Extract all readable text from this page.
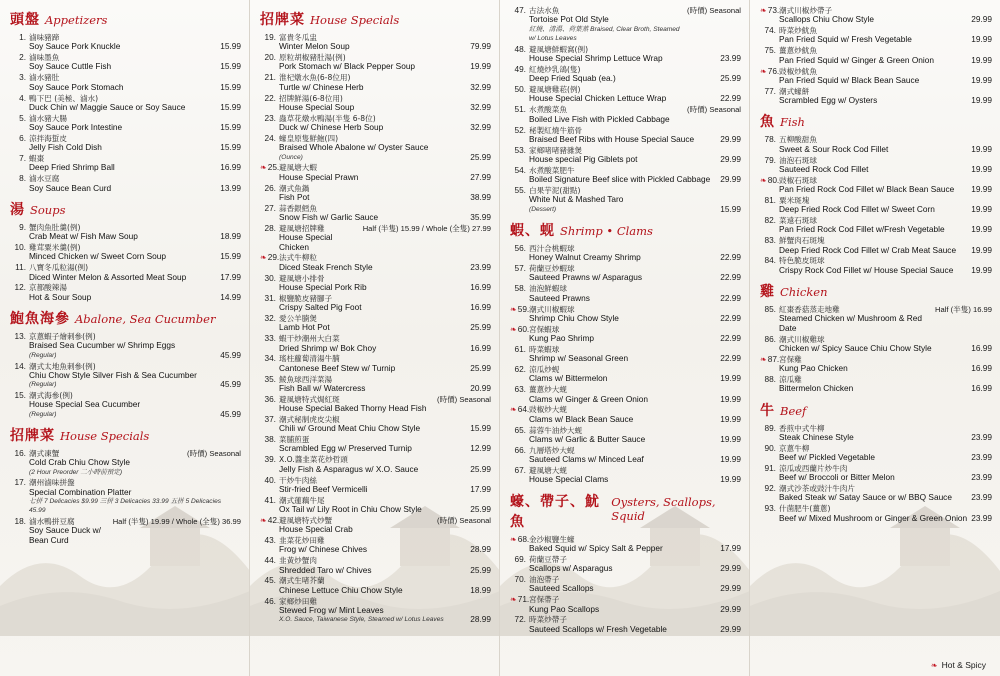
頭盤 Appetizers
1. 滷味豬蹄
Soy Sauce Pork Knuckle	15.99
2. 滷味墨魚
Soy Sauce Cuttle Fish	15.99
3. 滷水豬肚
Soy Sauce Pork Stomach	15.99
4. 鴨下巴 (美極、滷水)
Duck Chin w/ Maggie Sauce or Soy Sauce	15.99
5. 滷水豬大腸
Soy Sauce Pork Intestine	15.99
6. 涼拌海蜇皮
Jelly Fish Cold Dish	15.99
7. 蝦棗
Deep Fried Shrimp Ball	16.99
8. 滷水豆腐
Soy Sauce Bean Curd	13.99
湯 Soups
9. 蟹肉魚肚羹(例)
Crab Meat w/ Fish Maw Soup	18.99
10. 雞茸粟米羹(例)
Minced Chicken w/ Sweet Corn Soup	15.99
11. 八寶冬瓜粒湯(例)
Diced Winter Melon & Assorted Meat Soup	17.99
12. 京都酸辣湯
Hot & Sour Soup	14.99
鮑魚海參 Abalone, Sea Cucumber
13. 京蔥蝦子燴刺參(例)
Braised Sea Cucumber w/ Shrimp Eggs
(Regular)	45.99
14. 潮式太地魚刺參(例)
Chiu Chow Style Silver Fish & Sea Cucumber
(Regular)	45.99
15. 潮式海參(例)
House Special Sea Cucumber
(Regular)	45.99
招牌菜 House Specials
16. 潮式凍蟹
Cold Crab Chiu Chow Style
(2 Hour Preorder 二小時前預定)
(時價) Seasonal
17. 潮州滷味拼盤
Special Combination Platter
七拼 7 Delicacies $9.99 三拼 3 Delicacies 33.99 五拼 5 Delicacies 45.99
18. 滷水鴨拼豆腐
Soy Sauce Duck w/ Bean Curd
Half (半隻) 19.99 / Whole (全隻) 36.99
招牌菜 House Specials
19. 富貴冬瓜盅
Winter Melon Soup	79.99
20. 原粒胡椒豬肚湯(例)
Pork Stomach w/ Black Pepper Soup	19.99
21. 淮杞燉水魚(6-8位用)
Turtle w/ Chinese Herb	32.99
22. 招牌鮮湯(6-8位用)
House Special Soup	32.99
23. 蟲草花燉水鴨湯(半隻 6-8位)
Duck w/ Chinese Herb Soup	32.99
24. 蠔皇原隻鮮鮑(四)
Braised Whole Abalone w/ Oyster Sauce
(Ounce)	25.99
❧25. 避風塘大蝦
House Special Prawn	27.99
26. 潮式魚鍋
Fish Pot	38.99
27. 蒜香銀鱈魚
Snow Fish w/ Garlic Sauce	35.99
28. 避風塘招牌雞
House Special Chicken
Half (半隻) 15.99 / Whole (全隻) 27.99
❧29. 法式牛柳粒
Diced Steak French Style	23.99
30. 避風塘小排骨
House Special Pork Rib	16.99
31. 椒鹽脆皮豬腳子
Crispy Salted Pig Foot	16.99
32. 愛公羊腩煲
Lamb Hot Pot	25.99
33. 蝦干炒潮州大白菜
Dried Shrimp w/ Bok Choy	16.99
34. 瑤柱蘿蔔清湯牛腩
Cantonese Beef Stew w/ Turnip	25.99
35. 鯪魚球西洋菜湯
Fish Ball w/ Watercress	20.99
36. 避風塘特式焗紅斑
House Special Baked Thorny Head Fish
(時價) Seasonal
37. 潮式秘制虎皮尖椒
Chili w/ Ground Meat Chiu Chow Style	15.99
38. 菜脯煎蛋
Scrambled Egg w/ Preserved Turnip	12.99
39. X.O.醬韭菜花炒哲頭
Jelly Fish & Asparagus w/ X.O. Sauce	25.99
40. 干炒牛肉絲
Stir-fried Beef Vermicelli	17.99
41. 潮式蓮藕牛尾
Ox Tail w/ Lily Root in Chiu Chow Style	25.99
❧42. 避風塘特式炒蟹
House Special Crab
(時價) Seasonal
43. 韭菜花炒田雞
Frog w/ Chinese Chives	28.99
44. 韭黃炒蟹肉
Shredded Taro w/ Chives	25.99
45. 潮式生啫芥蘭
Chinese Lettuce Chiu Chow Style	18.99
46. 家鄉炒田雞
Stewed Frog w/ Mint Leaves
X.O. Sauce, Taiwanese Style, Steamed w/ Lotus Leaves	28.99
47. 古法水魚
Tortoise Pot Old Style
紅燒、清湯、荷葉蒸 Braised, Clear Broth, Steamed w/ Lotus Leaves
(時價) Seasonal
48. 避風塘鮮蝦窩(例)
House Special Shrimp Lettuce Wrap	23.99
49. 紅燒炒乳鴿(隻)
Deep Fried Squab (ea.)	25.99
50. 避風塘雞菘(例)
House Special Chicken Lettuce Wrap	22.99
51. 水煮酸菜魚
Boiled Live Fish with Pickled Cabbage
(時價) Seasonal
52. 秘製紅燒牛筋骨
Braised Beef Ribs with House Special Sauce	29.99
53. 家鄉啫啫豬雜煲
House special Pig Giblets pot	29.99
54. 水煮酸菜肥牛
Boiled Signature Beef slice with Pickled Cabbage	29.99
55. 白果芋泥(甜點)
White Nut & Mashed Taro
(Dessert)	15.99
蝦、蚬 Shrimp • Clams
56. 西汁合桃蝦球
Honey Walnut Creamy Shrimp	22.99
57. 荷蘭豆炒蝦球
Sauteed Prawns w/ Asparagus	22.99
58. 油泡鮮蝦球
Sauteed Prawns	22.99
❧59. 潮式川椒蝦球
Shrimp Chiu Chow Style	22.99
❧60. 宮保蝦球
Kung Pao Shrimp	22.99
61. 時菜蝦球
Shrimp w/ Seasonal Green	22.99
62. 涼瓜炒蚬
Clams w/ Bittermelon	19.99
63. 薑蔥炒大蚬
Clams w/ Ginger & Green Onion	19.99
❧64. 豉椒炒大蚬
Clams w/ Black Bean Sauce	19.99
65. 蒜蓉牛油炒大蚬
Clams w/ Garlic & Butter Sauce	19.99
66. 九層塔炒大蚬
Sauteed Clams w/ Minced Leaf	19.99
67. 避風塘大蚬
House Special Clams	19.99
蠔、帶子、魷魚
Oysters, Scallops, Squid
❧68. 金沙椒鹽生蠔
Baked Squid w/ Spicy Salt & Pepper	17.99
69. 荷蘭豆帶子
Scallops w/ Asparagus	29.99
70. 油泡帶子
Sauteed Scallops	29.99
❧71. 宮保帶子
Kung Pao Scallops	29.99
72. 時菜炒帶子
Sauteed Scallops w/ Fresh Vegetable	29.99
❧73. 潮式川椒炒帶子
Scallops Chiu Chow Style	29.99
74. 時菜炒魷魚
Pan Fried Squid w/ Fresh Vegetable	19.99
75. 薑蔥炒魷魚
Pan Fried Squid w/ Ginger & Green Onion	19.99
❧76. 豉椒炒魷魚
Pan Fried Squid w/ Black Bean Sauce	19.99
77. 潮式蠔餅
Scrambled Egg w/ Oysters	19.99
魚 Fish
78. 五柳酸甜魚
Sweet & Sour Rock Cod Fillet	19.99
79. 油泡石斑球
Sauteed Rock Cod Fillet	19.99
❧80. 豉椒石斑球
Pan Fried Rock Cod Fillet w/ Black Bean Sauce	19.99
81. 粟米斑塊
Deep Fried Rock Cod Fillet w/ Sweet Corn	19.99
82. 菜遠石斑球
Pan Fried Rock Cod Fillet w/Fresh Vegetable	19.99
83. 鮮蟹肉石斑塊
Deep Fried Rock Cod Fillet w/ Crab Meat Sauce	19.99
84. 特色脆皮斑球
Crispy Rock Cod Fillet w/ House Special Sauce	19.99
雞 Chicken
85. 紅棗香菇蒸走地雞
Steamed Chicken w/ Mushroom & Red Date
Half (半隻) 16.99
86. 潮式川椒雞球
Chicken w/ Spicy Sauce Chiu Chow Style	16.99
❧87. 宮保雞
Kung Pao Chicken	16.99
88. 涼瓜雞
Bittermelon Chicken	16.99
牛 Beef
89. 香煎中式牛柳
Steak Chinese Style	23.99
90. 京蔥牛柳
Beef w/ Pickled Vegetable	23.99
91. 涼瓜或西蘭片炒牛肉
Beef w/ Broccoli or Bitter Melon	23.99
92. 潮式沙茶或豉汁牛肉片
Baked Steak w/ Satay Sauce or w/ BBQ Sauce	23.99
93. 什菌肥牛(薑蔥)
Beef w/ Mixed Mushroom or Ginger & Green Onion 23.99
❧ Hot & Spicy
